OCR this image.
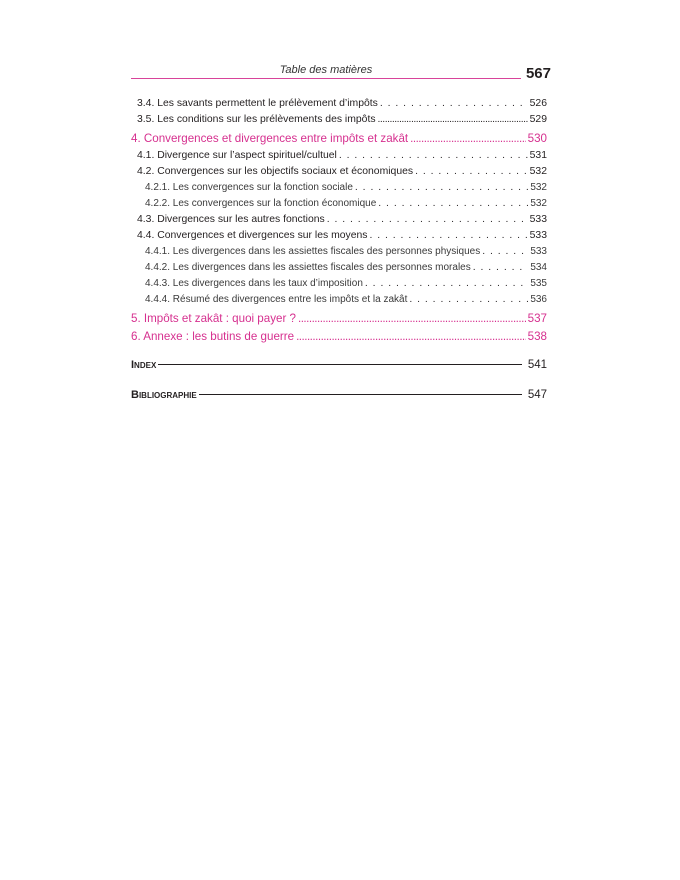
Table des matières	567
3.4. Les savants permettent le prélèvement d’impôts . . .	526
3.5. Les conditions sur les prélèvements des impôts .....	529
4. Convergences et divergences entre impôts et zakât .....	530
4.1. Divergence sur l’aspect spirituel/cultuel . . .	531
4.2. Convergences sur les objectifs sociaux et économiques . . .	532
4.2.1. Les convergences sur la fonction sociale . . .	532
4.2.2. Les convergences sur la fonction économique . . .	532
4.3. Divergences sur les autres fonctions . . .	533
4.4. Convergences et divergences sur les moyens . . .	533
4.4.1. Les divergences dans les assiettes fiscales des personnes physiques . . .	533
4.4.2. Les divergences dans les assiettes fiscales des personnes morales . . .	534
4.4.3. Les divergences dans les taux d’imposition . . .	535
4.4.4. Résumé des divergences entre les impôts et la zakât . . .	536
5. Impôts et zakât : quoi payer ? .....	537
6. Annexe : les butins de guerre .....	538
Index	541
Bibliographie	547
